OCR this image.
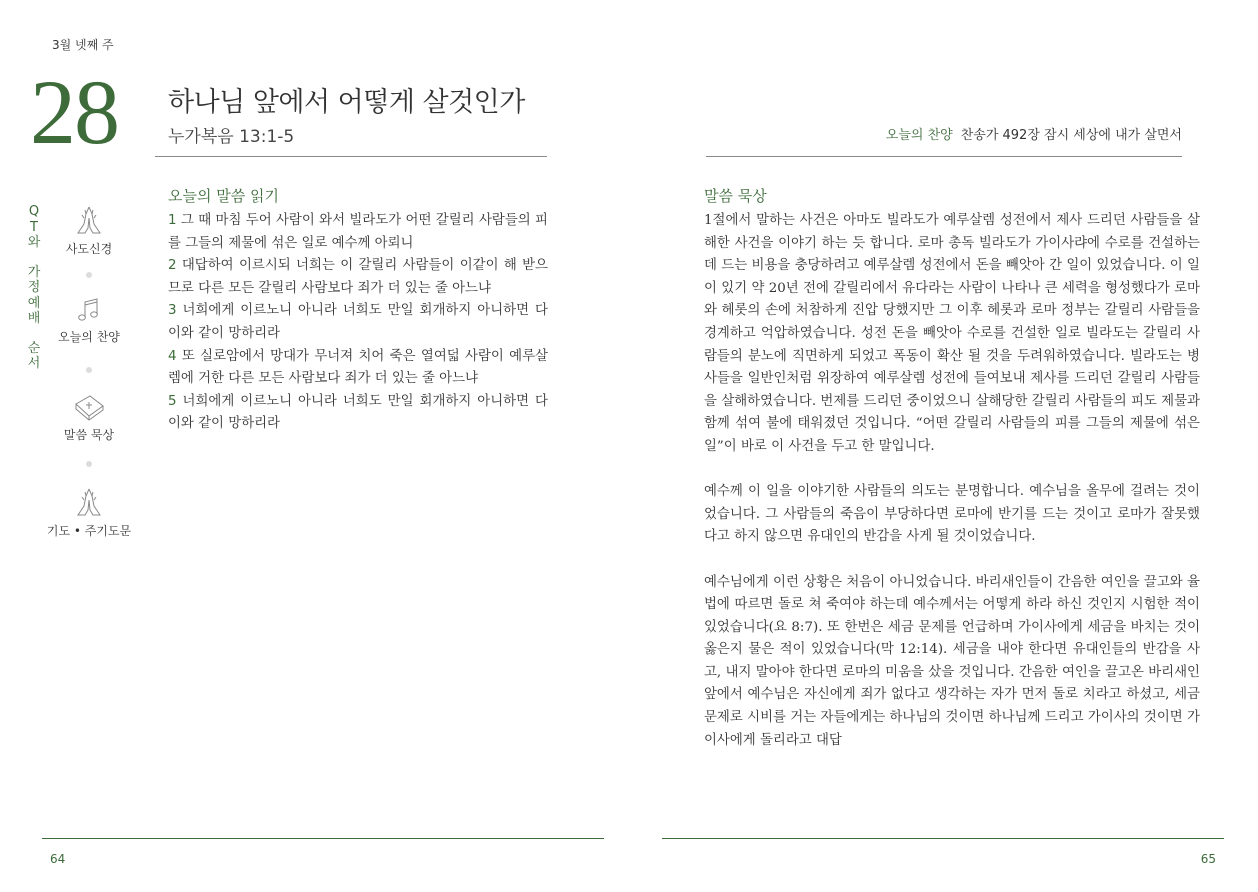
3월 넷째 주
28 하나님 앞에서 어떻게 살것인가
누가복음 13:1-5	오늘의 찬양 찬송가 492장 잠시 세상에 내가 살면서
Q
T
와
가
정
예
배
순
서
사도신경
오늘의 찬양
말씀 묵상
기도 • 주기도문
오늘의 말씀 읽기

1 그 때 마침 두어 사람이 와서 빌라도가 어떤 갈릴리 사람들의 피를 그들의 제물에 섞은 일로 예수께 아뢰니

2 대답하여 이르시되 너희는 이 갈릴리 사람들이 이같이 해 받으므로 다른 모든 갈릴리 사람보다 죄가 더 있는 줄 아느냐

3 너희에게 이르노니 아니라 너희도 만일 회개하지 아니하면 다 이와 같이 망하리라

4 또 실로암에서 망대가 무너져 치어 죽은 열여덟 사람이 예루살렘에 거한 다른 모든 사람보다 죄가 더 있는 줄 아느냐

5 너희에게 이르노니 아니라 너희도 만일 회개하지 아니하면 다 이와 같이 망하리라

말씀 묵상

1절에서 말하는 사건은 아마도 빌라도가 예루살렘 성전에서 제사 드리던 사람들을 살해한 사건을 이야기 하는 듯 합니다. 로마 총독 빌라도가 가이사랴에 수로를 건설하는데 드는 비용을 충당하려고 예루살렘 성전에서 돈을 빼앗아 간 일이 있었습니다. 이 일이 있기 약 20년 전에 갈릴리에서 유다라는 사람이 나타나 큰 세력을 형성했다가 로마와 헤롯의 손에 처참하게 진압 당했지만 그 이후 헤롯과 로마 정부는 갈릴리 사람들을 경계하고 억압하였습니다. 성전 돈을 빼앗아 수로를 건설한 일로 빌라도는 갈릴리 사람들의 분노에 직면하게 되었고 폭동이 확산 될 것을 두려워하였습니다. 빌라도는 병사들을 일반인처럼 위장하여 예루살렘 성전에 들여보내 제사를 드리던 갈릴리 사람들을 살해하였습니다. 번제를 드리던 중이었으니 살해당한 갈릴리 사람들의 피도 제물과 함께 섞여 불에 태워졌던 것입니다. “어떤 갈릴리 사람들의 피를 그들의 제물에 섞은 일”이 바로 이 사건을 두고 한 말입니다.

예수께 이 일을 이야기한 사람들의 의도는 분명합니다. 예수님을 올무에 걸려는 것이었습니다. 그 사람들의 죽음이 부당하다면 로마에 반기를 드는 것이고 로마가 잘못했다고 하지 않으면 유대인의 반감을 사게 될 것이었습니다.

예수님에게 이런 상황은 처음이 아니었습니다. 바리새인들이 간음한 여인을 끌고와 율법에 따르면 돌로 쳐 죽여야 하는데 예수께서는 어떻게 하라 하신 것인지 시험한 적이 있었습니다(요 8:7). 또 한번은 세금 문제를 언급하며 가이사에게 세금을 바치는 것이 옳은지 물은 적이 있었습니다(막 12:14). 세금을 내야 한다면 유대인들의 반감을 사고, 내지 말아야 한다면 로마의 미움을 샀을 것입니다. 간음한 여인을 끌고온 바리새인 앞에서 예수님은 자신에게 죄가 없다고 생각하는 자가 먼저 돌로 치라고 하셨고, 세금 문제로 시비를 거는 자들에게는 하나님의 것이면 하나님께 드리고 가이사의 것이면 가이사에게 돌리라고 대답

64	65
